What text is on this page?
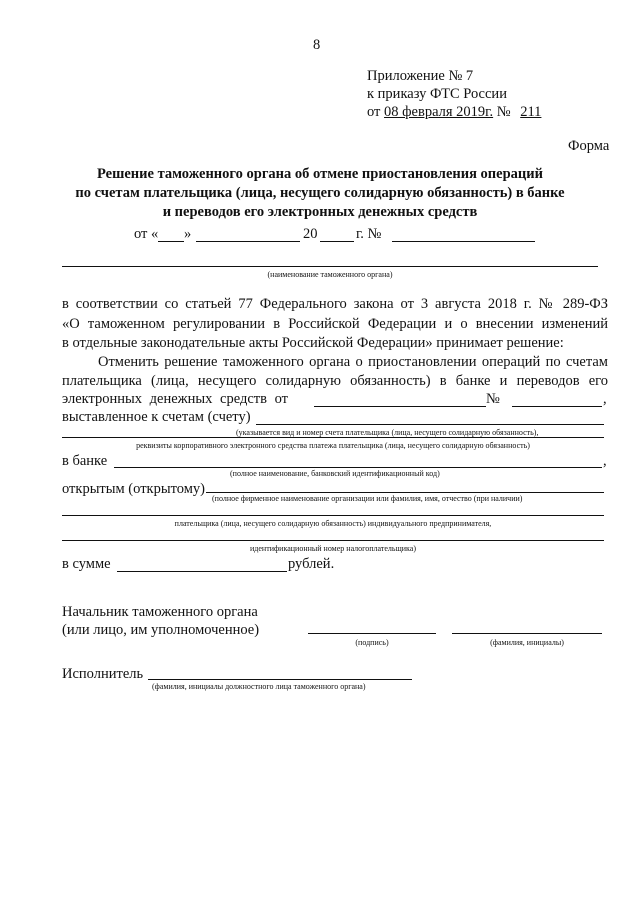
8
Приложение № 7
к приказу ФТС России
от 08 февраля 2019г. № 211
Форма
Решение таможенного органа об отмене приостановления операций
по счетам плательщика (лица, несущего солидарную обязанность) в банке
и переводов его электронных денежных средств
от « »	20	г. №
(наименование таможенного органа)
в соответствии со статьей 77 Федерального закона от 3 августа 2018 г. № 289-ФЗ
«О таможенном регулировании в Российской Федерации и о внесении изменений
в отдельные законодательные акты Российской Федерации» принимает решение:
Отменить решение таможенного органа о приостановлении операций по счетам
плательщика (лица, несущего солидарную обязанность) в банке и переводов его
электронных денежных средств от	№	,
выставленное к счетам (счету)
(указывается вид и номер счета плательщика (лица, несущего солидарную обязанность),
реквизиты корпоративного электронного средства платежа плательщика (лица, несущего солидарную обязанность)
в банке	,
(полное наименование, банковский идентификационный код)
открытым (открытому)
(полное фирменное наименование организации или фамилия, имя, отчество (при наличии)
плательщика (лица, несущего солидарную обязанность) индивидуального предпринимателя,
идентификационный номер налогоплательщика)
в сумме	рублей.
Начальник таможенного органа
(или лицо, им уполномоченное)
(подпись)	(фамилия, инициалы)
Исполнитель
(фамилия, инициалы должностного лица таможенного органа)
